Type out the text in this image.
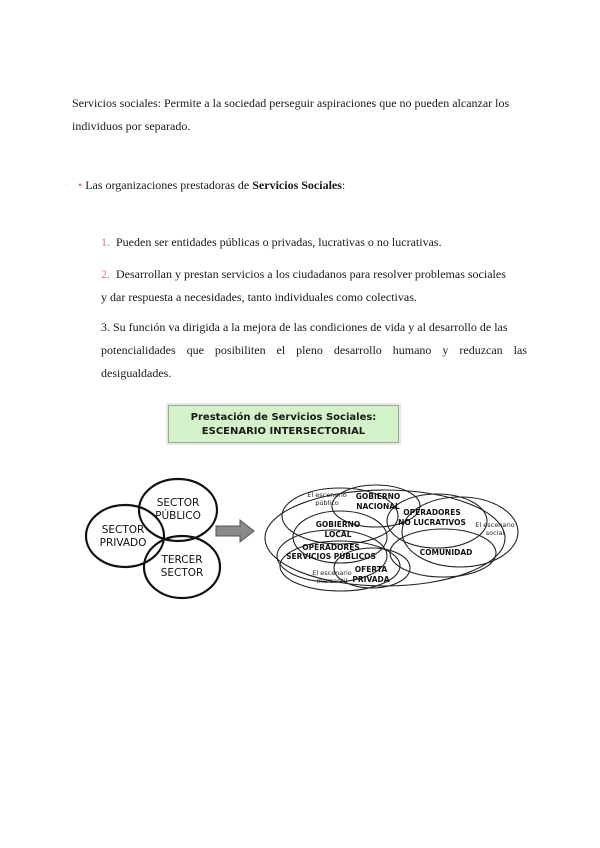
Servicios sociales: Permite a la sociedad perseguir aspiraciones que no pueden alcanzar los
individuos por separado.
• Las organizaciones prestadoras de Servicios Sociales:
1. Pueden ser entidades públicas o privadas, lucrativas o no lucrativas.
2. Desarrollan y prestan servicios a los ciudadanos para resolver problemas sociales
y dar respuesta a necesidades, tanto individuales como colectivas.
3. Su función va dirigida a la mejora de las condiciones de vida y al desarrollo de las
potencialidades que posibiliten el pleno desarrollo humano y reduzcan las
desigualdades.
Prestación de Servicios Sociales:
ESCENARIO INTERSECTORIAL
SECTOR
PÚBLICO
SECTOR
PRIVADO
TERCER
SECTOR
El escenario
público
El escenario
social
El escenario
mercantil
GOBIERNO
NACIONAL
OPERADORES
NO LUCRATIVOS
GOBIERNO
LOCAL
OPERADORES
SERVICIOS PÚBLICOS	COMUNIDAD
OFERTA
PRIVADA
